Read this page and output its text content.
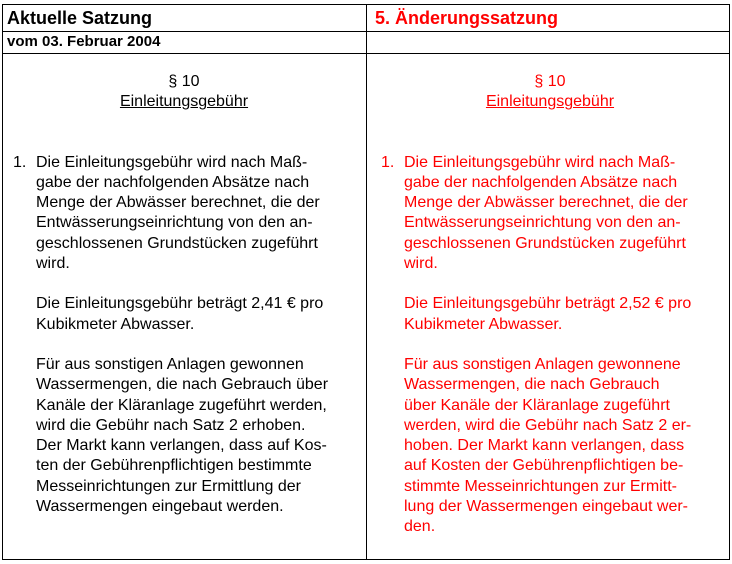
Aktuelle Satzung	5. Änderungssatzung
vom 03. Februar 2004
§ 10
Einleitungsgebühr
1. Die Einleitungsgebühr wird nach Maß-
gabe der nachfolgenden Absätze nach
Menge der Abwässer berechnet, die der
Entwässerungseinrichtung von den an-
geschlossenen Grundstücken zugeführt
wird.

Die Einleitungsgebühr beträgt 2,41 € pro
Kubikmeter Abwasser.

Für aus sonstigen Anlagen gewonnen
Wassermengen, die nach Gebrauch über
Kanäle der Kläranlage zugeführt werden,
wird die Gebühr nach Satz 2 erhoben.
Der Markt kann verlangen, dass auf Kos-
ten der Gebührenpflichtigen bestimmte
Messeinrichtungen zur Ermittlung der
Wassermengen eingebaut werden.

§ 10
Einleitungsgebühr
1. Die Einleitungsgebühr wird nach Maß-
gabe der nachfolgenden Absätze nach
Menge der Abwässer berechnet, die der
Entwässerungseinrichtung von den an-
geschlossenen Grundstücken zugeführt
wird.

Die Einleitungsgebühr beträgt 2,52 € pro
Kubikmeter Abwasser.

Für aus sonstigen Anlagen gewonnene
Wassermengen, die nach Gebrauch
über Kanäle der Kläranlage zugeführt
werden, wird die Gebühr nach Satz 2 er-
hoben. Der Markt kann verlangen, dass
auf Kosten der Gebührenpflichtigen be-
stimmte Messeinrichtungen zur Ermitt-
lung der Wassermengen eingebaut wer-
den.
